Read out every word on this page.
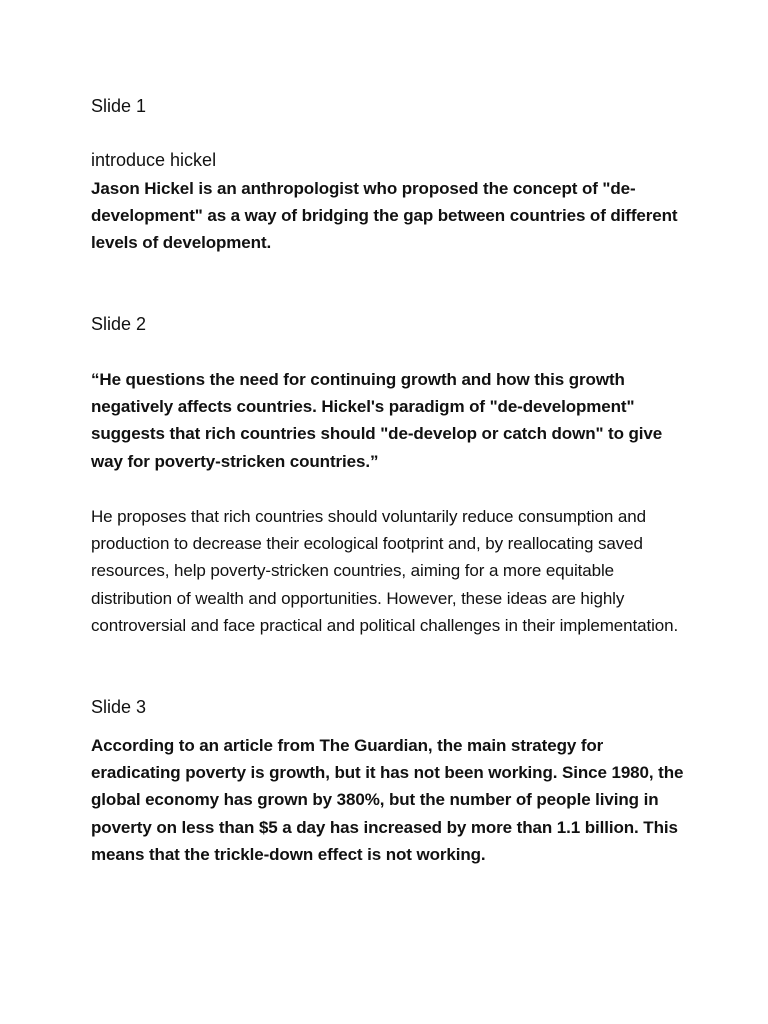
Slide 1

introduce hickel

Jason Hickel is an anthropologist who proposed the concept of "de-development" as a way of bridging the gap between countries of different levels of development.

Slide 2

“He questions the need for continuing growth and how this growth negatively affects countries. Hickel's paradigm of "de-development" suggests that rich countries should "de-develop or catch down" to give way for poverty-stricken countries.”

He proposes that rich countries should voluntarily reduce consumption and production to decrease their ecological footprint and, by reallocating saved resources, help poverty-stricken countries, aiming for a more equitable distribution of wealth and opportunities. However, these ideas are highly controversial and face practical and political challenges in their implementation.

Slide 3

According to an article from The Guardian, the main strategy for eradicating poverty is growth, but it has not been working. Since 1980, the global economy has grown by 380%, but the number of people living in poverty on less than $5 a day has increased by more than 1.1 billion. This means that the trickle-down effect is not working.
